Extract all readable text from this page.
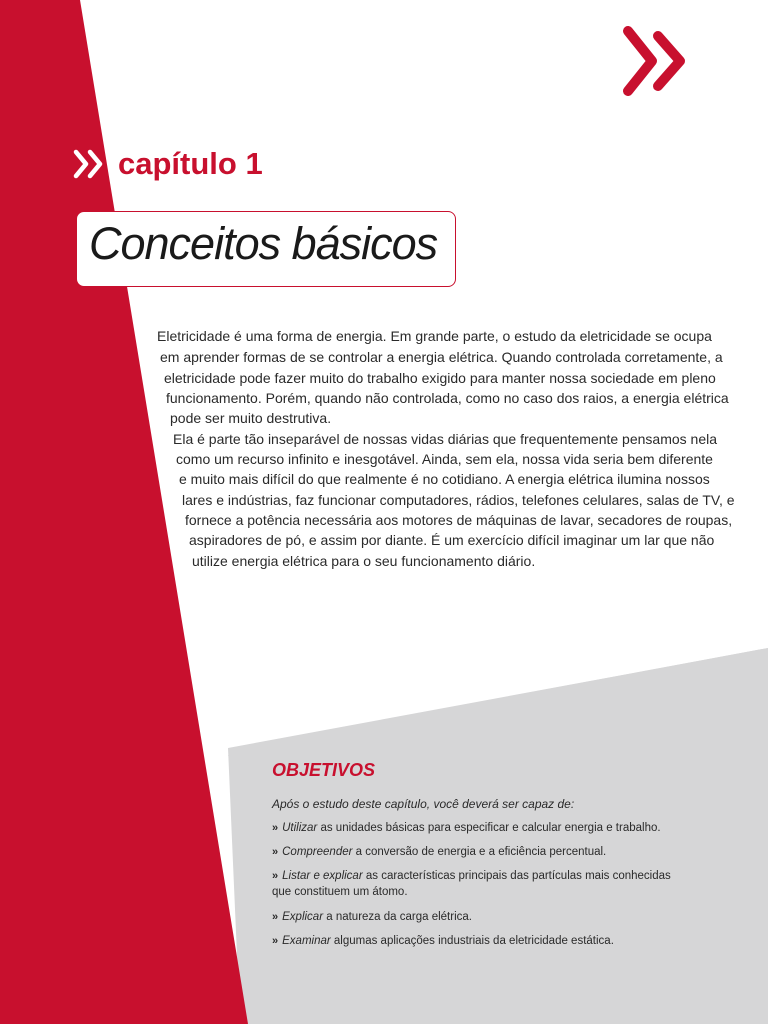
capítulo 1
Conceitos básicos
Eletricidade é uma forma de energia. Em grande parte, o estudo da eletricidade se ocupa
em aprender formas de se controlar a energia elétrica. Quando controlada corretamente, a
eletricidade pode fazer muito do trabalho exigido para manter nossa sociedade em pleno
funcionamento. Porém, quando não controlada, como no caso dos raios, a energia elétrica
pode ser muito destrutiva.
Ela é parte tão inseparável de nossas vidas diárias que frequentemente pensamos nela
como um recurso infinito e inesgotável. Ainda, sem ela, nossa vida seria bem diferente
e muito mais difícil do que realmente é no cotidiano. A energia elétrica ilumina nossos
lares e indústrias, faz funcionar computadores, rádios, telefones celulares, salas de TV, e
fornece a potência necessária aos motores de máquinas de lavar, secadores de roupas,
aspiradores de pó, e assim por diante. É um exercício difícil imaginar um lar que não
utilize energia elétrica para o seu funcionamento diário.
OBJETIVOS
Após o estudo deste capítulo, você deverá ser capaz de:
» Utilizar as unidades básicas para especificar e calcular energia e trabalho.
» Compreender a conversão de energia e a eficiência percentual.
» Listar e explicar as características principais das partículas mais conhecidas que constituem um átomo.
» Explicar a natureza da carga elétrica.
» Examinar algumas aplicações industriais da eletricidade estática.
